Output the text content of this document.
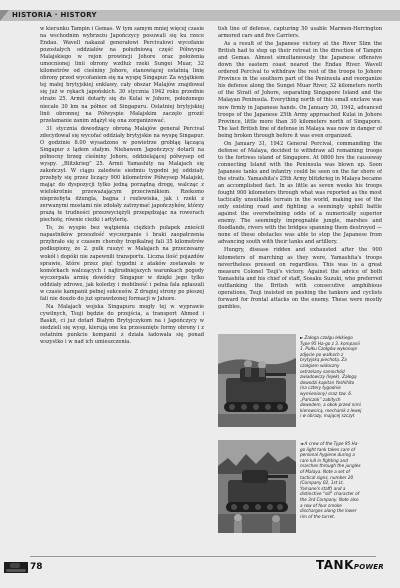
HISTORIA · HISTORY

w kierunku Tampin i Gemas. W tym samym mniej więcej czasie na wschodnim wybrzeżu Japończycy posuwali się ku rzece Endau. Wavell nakazał generałowi Percivalowi wycofanie pozostałych oddziałów na południową część Półwyspu Malajskiego w rejon prowincji Johore oraz położenia umocnionej linii obrony wzdłuż rzeki Sungei Muar, 32 kilometrów od cieśniny Johore, stanowiącej ostatnią linię obrony przed wycofaniem się na wyspę Singapur. Za wyjątkiem tej małej brytyjskiej enklawy, cały obszar Malajów znajdował się już w rękach japońskich. 30 stycznia 1942 roku przednie straże 25. Armii dotarły się do Kulai w Johore, położonego niecałe 30 km na północ od Singapuru. Ostatniej brytyjskiej linii obronnej na Półwyspie Malajskim zaczęło grozić przełamanie zanim zdążył się ona zorganizować.

31 stycznia dowodzący obroną Malajów generał Percival zdecydował się wycofać oddziały brytyjskie na wyspę Singapur. O godzinie 8.00 wysadzono w powietrze grobląę łączącą Singapur z lądem stałym. Niebawem Japończycy dotarli na północny brzeg cieśniny Johore, oddzielającej półwysep od wyspy. „Blitzkrieg” 25. Armii Yamashity na Malajach się zakończył. W ciągu zaledwie siedmiu tygodni jej oddziały przebyły się przez liczący 900 kilometrów Półwysep Malajski, mając do dyspozycji tylko jedną porządną drogę, walcząc z wielokrotnie przeważającym przeciwnikiem. Rzekomo nieprzebyta dżungla, bagna i rozlewiska, jak i rzeki z zerwanymi mostami nie zdołały zatrzymać japończyków, którzy prażą te trudności przezwyciężyli przepędzając na rowerach piechotę, równie cieżki i artylerię.

To, że wyspie bez wątpienia ciężkich pułapek znieścił napastników przeszłość wyczerpanie i braki zaopatrzenia przybrało się z czasem choroby tropikalnej fali 35 kilometrów podkupiony, że 2. pułk ruszyć w Malajach na przeczesany wokół i dopóki nie zapewnili transportu. Liczna ilość pojazdów sprawie, które przez pięć tygodni z ataków zostawało w komórkach walczących i najtrudniejszych warunkach pogody wyczerpała armię dowódcy Singapur w dzięki jego tylko oddziały zdrowe, jak koledzy i mobilność i pełna fala zgłaszali w czasie kampanii pełnej sukcesów. Z drugiej strony po pieszej fali nie doszło do już sprawdzonej formacji w Jahore.

Na Malajach wojska Singapuru mogły tej w wyprawie cywilnych, Tsuji będzie do przejścia, a transport Ahmed i Baskit, ci już dotarł Białym Brytyjczykom na i Japończycy w siedzieli się wysp, kierują one ku przesunięte formy obrony i z ostatnim punkcie kompanii z działa ładowała się ponad wszystko i w nad ich umieszczenia.

tish line of defense, capturing 50 usable Marmon-Herrington armored cars and five Carriers.

As a result of the Japanese victory at the River Slim the British had to step up their retreat in the direction of Tampin and Gemas. Almost simultaneously the Japanese offensive down the eastern coast neared the Endau River. Wavell ordered Percival to withdraw the rest of the troops to Johore Province in the southern part of the Peninsula and reorganize his defense along the Sungei Muar River, 32 kilometers north of the Strait of Johore, separating Singapore Island and the Malayan Peninsula. Everything north of this small enclave was now firmly in Japanese hands. On January 30, 1942, advanced troops of the Japanese 25th Army approached Kulai in Johore Province, little more than 30 kilometers north of Singapore. The last British line of defense in Malaya was now in danger of being broken through before it was even organized.

On January 31, 1942 General Percival, commanding the defense of Malaya, decided to withdraw all remaining troops to the fortress island of Singapore. At 0800 hrs the causeway connecting Island with the Peninsula was blown up. Soon Japanese tanks and infantry could be seen on the far shore of the straits. Yamashita's 25th Army blitzkrieg in Malaya became an accomplished fact. In as little as seven weeks his troops fought 900 kilometers through what was reported as the most tactically unsuitable terrain in the world, making use of the only existing road and fighting a seemingly uphill battle against the overwhelming odds of a numerically superior enemy. The seemingly impregnable jungle, marshes and floodlands, rivers with the bridges spanning them destroyed — none of these obstacles was able to stop the Japanese from advancing south with their tanks and artillery.

Hungry, disease ridden and exhausted after the 900 kilometers of marching as they were, Yamashita's troops nevertheless pressed on regardless. This was in a great measure Colonel Tsuji's victory. Against the advice of both Yamashita and his chief of staff, Sosaku Suzuki, who preferred outflanking the British with consecutive amphibious operations, Tsuji insisted on pushing the tankers and cyclists forward for frontal attacks on the enemy. These were mostly gambles,

► Załoga czołgu lekkiego Type 95 Ha-go z 3. kompanii 1. Pułku Czołgów wykonuje zdjęcie po walkach z brytyjską piechotą. Za czołgiem widoczny ostrzelany samochód zwiadowczy (lejek). Załogą dowodzi kapitan Yoshihito (na cztery tygodnie wymieniony) oraz tzw. 6. „Pańczok” zabitych dowodem, a obok przed nimi kierownicą, mechanik z lewej i w obrazy, mającej szczyt
◄ A crew of the Type 95 Ha-go light tank takes care of personal hygiene during a rare lull in fighting and marches through the jungles of Malaya. Note a set of tactical signs, number 20 (Company 02, 1st Lt. Yamane's staff) and a distinctive "sill" character of the 3rd Company. Note also a row of four smoke discharges along the lower rim of the turret.
78	TANKPOWER
